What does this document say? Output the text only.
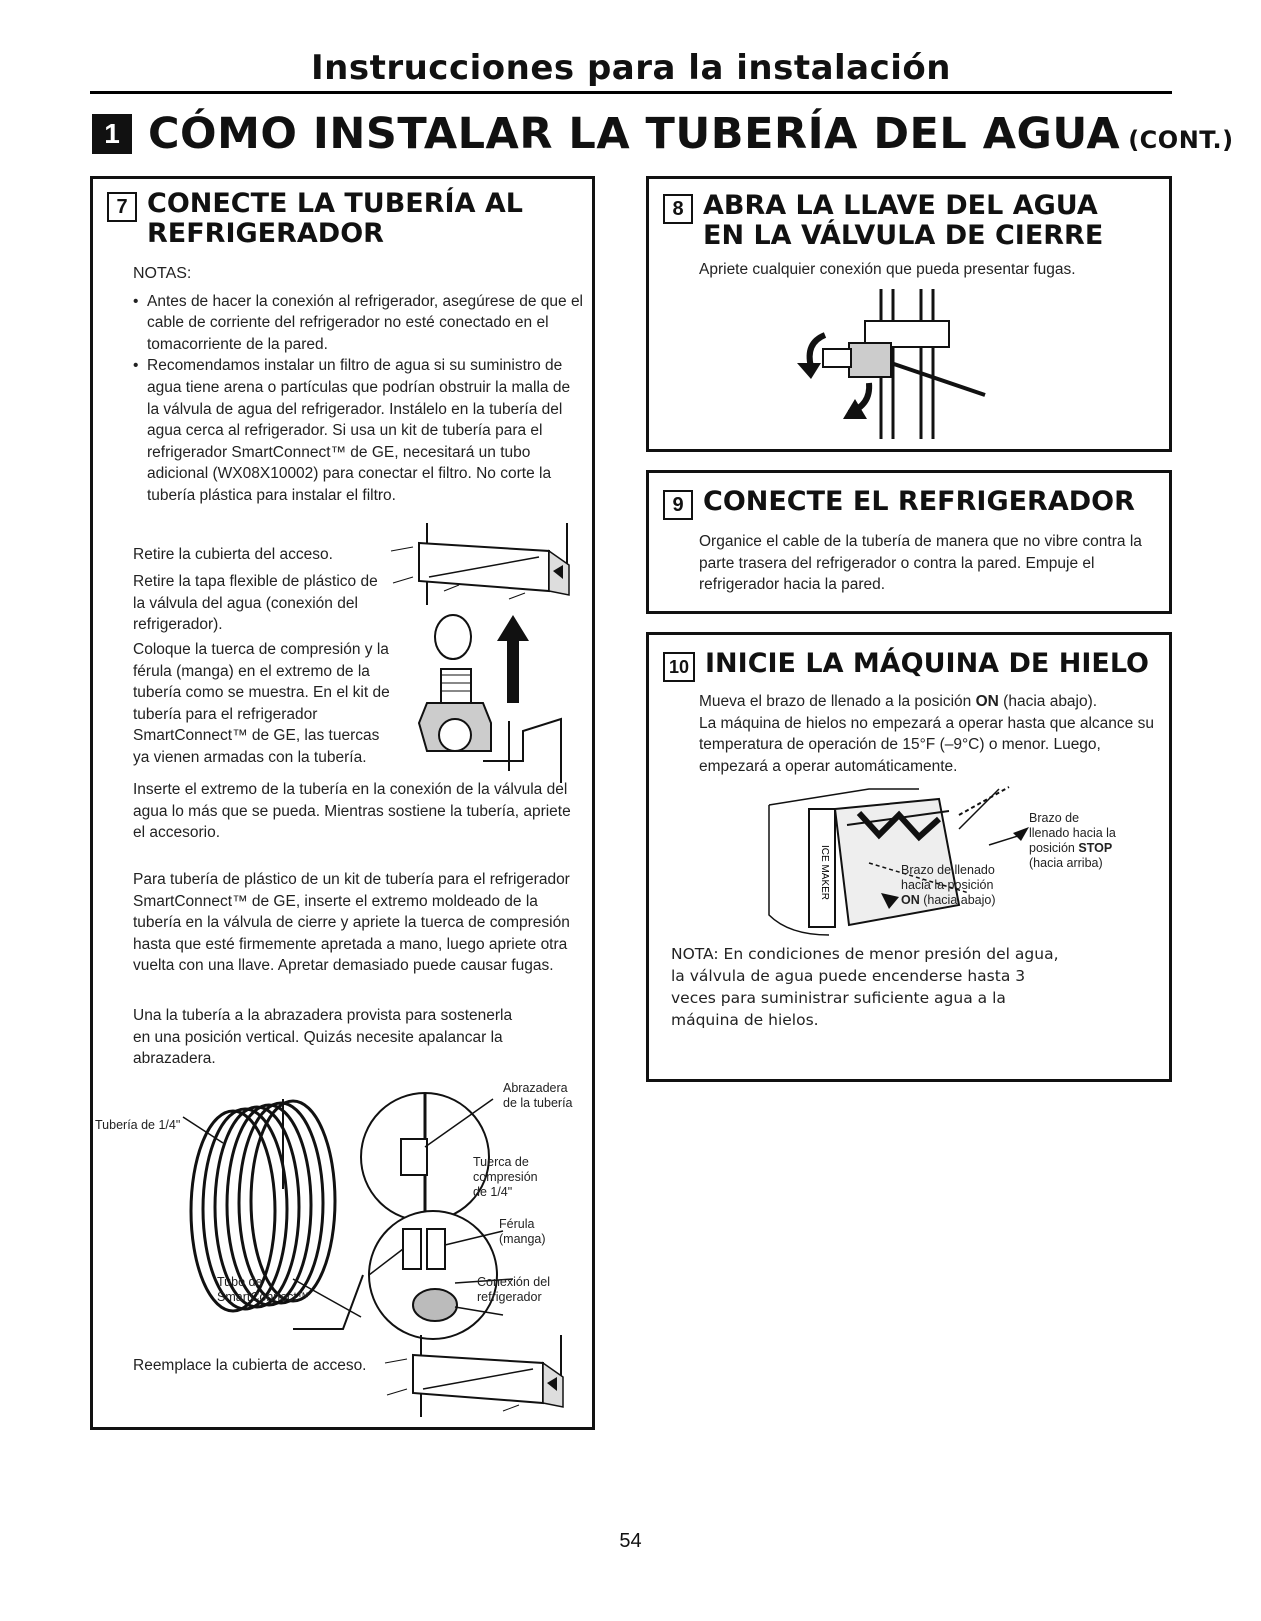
Instrucciones para la instalación
1 CÓMO INSTALAR LA TUBERÍA DEL AGUA (CONT.)
7 CONECTE LA TUBERÍA AL
REFRIGERADOR
NOTAS:
• Antes de hacer la conexión al refrigerador, asegúrese de que el cable de corriente del refrigerador no esté conectado en el tomacorriente de la pared.
• Recomendamos instalar un filtro de agua si su suministro de agua tiene arena o partículas que podrían obstruir la malla de la válvula de agua del refrigerador. Instálelo en la tubería del agua cerca al refrigerador. Si usa un kit de tubería para el refrigerador SmartConnect™ de GE, necesitará un tubo adicional (WX08X10002) para conectar el filtro. No corte la tubería plástica para instalar el filtro.
Retire la cubierta del acceso.
Retire la tapa flexible de plástico de la válvula del agua (conexión del refrigerador).
Coloque la tuerca de compresión y la férula (manga) en el extremo de la tubería como se muestra. En el kit de tubería para el refrigerador SmartConnect™ de GE, las tuercas ya vienen armadas con la tubería.
Inserte el extremo de la tubería en la conexión de la válvula del agua lo más que se pueda. Mientras sostiene la tubería, apriete el accesorio.
Para tubería de plástico de un kit de tubería para el refrigerador SmartConnect™ de GE, inserte el extremo moldeado de la tubería en la válvula de cierre y apriete la tuerca de compresión hasta que esté firmemente apretada a mano, luego apriete otra vuelta con una llave. Apretar demasiado puede causar fugas.
Una la tubería a la abrazadera provista para sostenerla en una posición vertical. Quizás necesite apalancar la abrazadera.
Tubería de 1/4"
Abrazadera de la tubería
Tuerca de compresión de 1/4"
Férula (manga)
Conexión del refrigerador
Tubo de SmartConnect™
Reemplace la cubierta de acceso.
8 ABRA LA LLAVE DEL AGUA
EN LA VÁLVULA DE CIERRE
Apriete cualquier conexión que pueda presentar fugas.
9 CONECTE EL REFRIGERADOR
Organice el cable de la tubería de manera que no vibre contra la parte trasera del refrigerador o contra la pared. Empuje el refrigerador hacia la pared.
10 INICIE LA MÁQUINA DE HIELO
Mueva el brazo de llenado a la posición ON (hacia abajo).
La máquina de hielos no empezará a operar hasta que alcance su temperatura de operación de 15°F (–9°C) o menor. Luego, empezará a operar automáticamente.
ICE MAKER
Brazo de llenado hacia la posición STOP (hacia arriba)
Brazo de llenado hacia la posición ON (hacia abajo)
NOTA: En condiciones de menor presión del agua, la válvula de agua puede encenderse hasta 3 veces para suministrar suficiente agua a la máquina de hielos.
54
